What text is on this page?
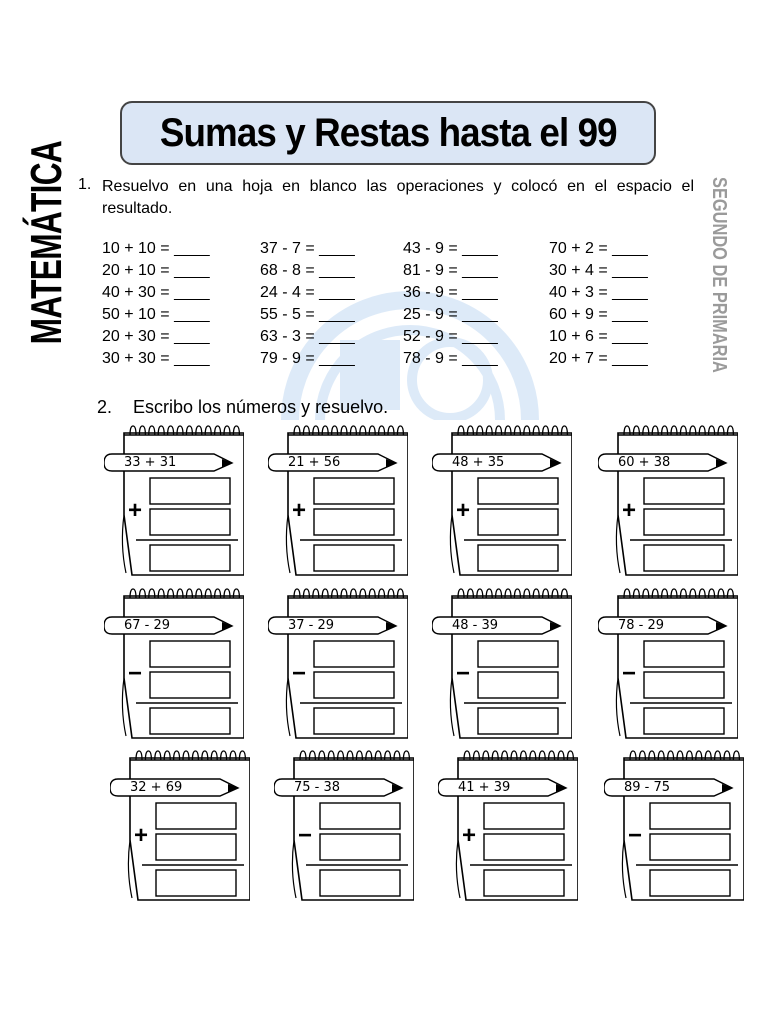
Sumas y Restas hasta el 99
MATEMÁTICA	SEGUNDO DE PRIMARIA
1. Resuelvo en una hoja en blanco las operaciones y colocó en el espacio el resultado.
10 + 10 = ____	37 - 7 = ____	43 - 9 = ____	70 + 2 = ____
20 + 10 = ____	68 - 8 = ____	81 - 9 = ____	30 + 4 = ____
40 + 30 = ____	24 - 4 = ____	36 - 9 = ____	40 + 3 = ____
50 + 10 = ____	55 - 5 = ____	25 - 9 = ____	60 + 9 = ____
20 + 30 = ____	63 - 3 = ____	52 - 9 = ____	10 + 6 = ____
30 + 30 = ____	79 - 9 = ____	78 - 9 = ____	20 + 7 = ____
2. Escribo los números y resuelvo.
33 + 31
+
21 + 56
+
48 + 35
+
60 + 38
+
67 - 29
−
37 - 29
−
48 - 39
−
78 - 29
−
32 + 69
+
75 - 38
−
41 + 39
+
89 - 75
−
